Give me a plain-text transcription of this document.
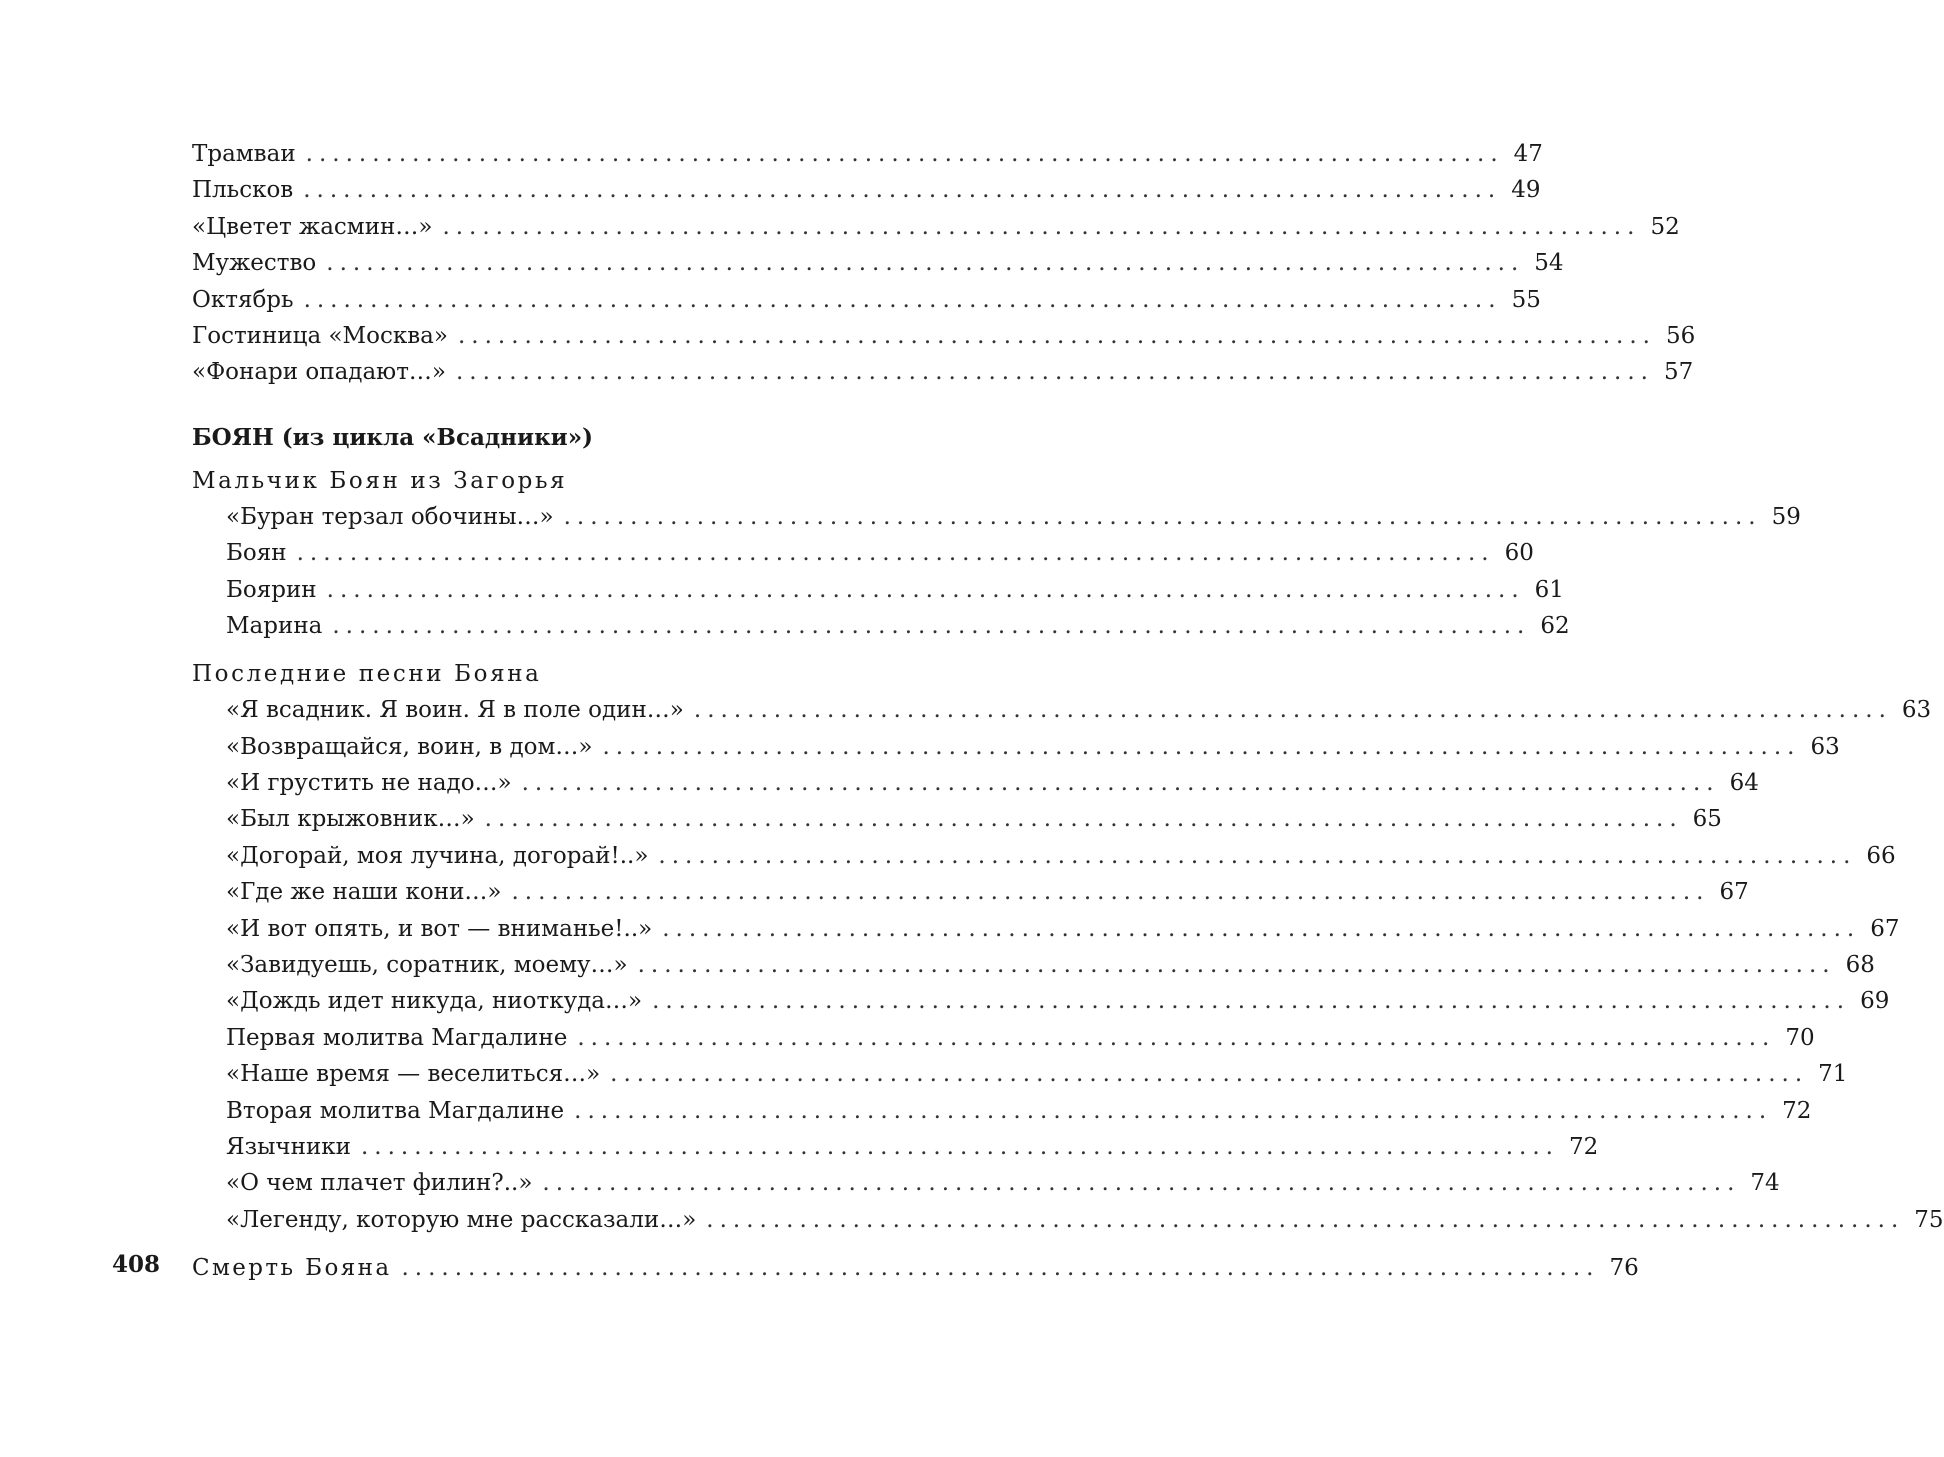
Трамваи .......................................................................................... 47
Пльсков .......................................................................................... 49
«Цветет жасмин…» .......................................................................................... 52
Мужество .......................................................................................... 54
Октябрь .......................................................................................... 55
Гостиница «Москва» .......................................................................................... 56
«Фонари опадают…» .......................................................................................... 57
БОЯН (из цикла «Всадники»)
Мальчик Боян из Загорья
«Буран терзал обочины…» .......................................................................................... 59
Боян .......................................................................................... 60
Боярин .......................................................................................... 61
Марина .......................................................................................... 62
Последние песни Бояна
«Я всадник. Я воин. Я в поле один…» .......................................................................................... 63
«Возвращайся, воин, в дом…» .......................................................................................... 63
«И грустить не надо…» .......................................................................................... 64
«Был крыжовник…» .......................................................................................... 65
«Догорай, моя лучина, догорай!..» .......................................................................................... 66
«Где же наши кони…» .......................................................................................... 67
«И вот опять, и вот — вниманье!..» .......................................................................................... 67
«Завидуешь, соратник, моему…» .......................................................................................... 68
«Дождь идет никуда, ниоткуда…» .......................................................................................... 69
Первая молитва Магдалине .......................................................................................... 70
«Наше время — веселиться…» .......................................................................................... 71
Вторая молитва Магдалине .......................................................................................... 72
Язычники .......................................................................................... 72
«О чем плачет филин?..» .......................................................................................... 74
«Легенду, которую мне рассказали…» .......................................................................................... 75
Смерть Бояна .......................................................................................... 76
408
